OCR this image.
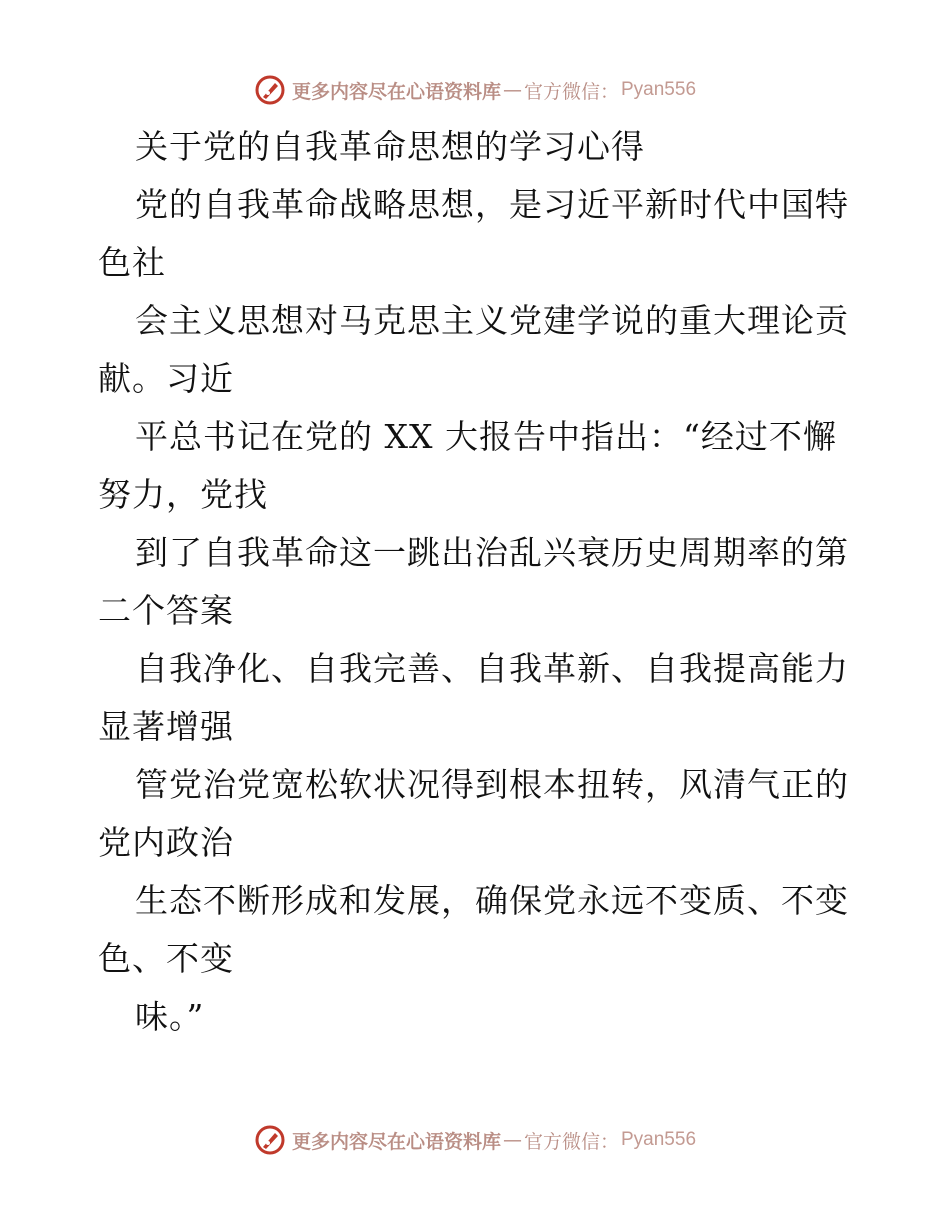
更多内容尽在心语资料库 — 官方微信： Pyan556
关于党的自我革命思想的学习心得
党的自我革命战略思想，是习近平新时代中国特
色社
会主义思想对马克思主义党建学说的重大理论贡
献。习近
平总书记在党的 XX 大报告中指出：“经过不懈
努力，党找
到了自我革命这一跳出治乱兴衰历史周期率的第
二个答案
自我净化、自我完善、自我革新、自我提高能力
显著增强
管党治党宽松软状况得到根本扭转，风清气正的
党内政治
生态不断形成和发展，确保党永远不变质、不变
色、不变
味。”
更多内容尽在心语资料库 — 官方微信： Pyan556
